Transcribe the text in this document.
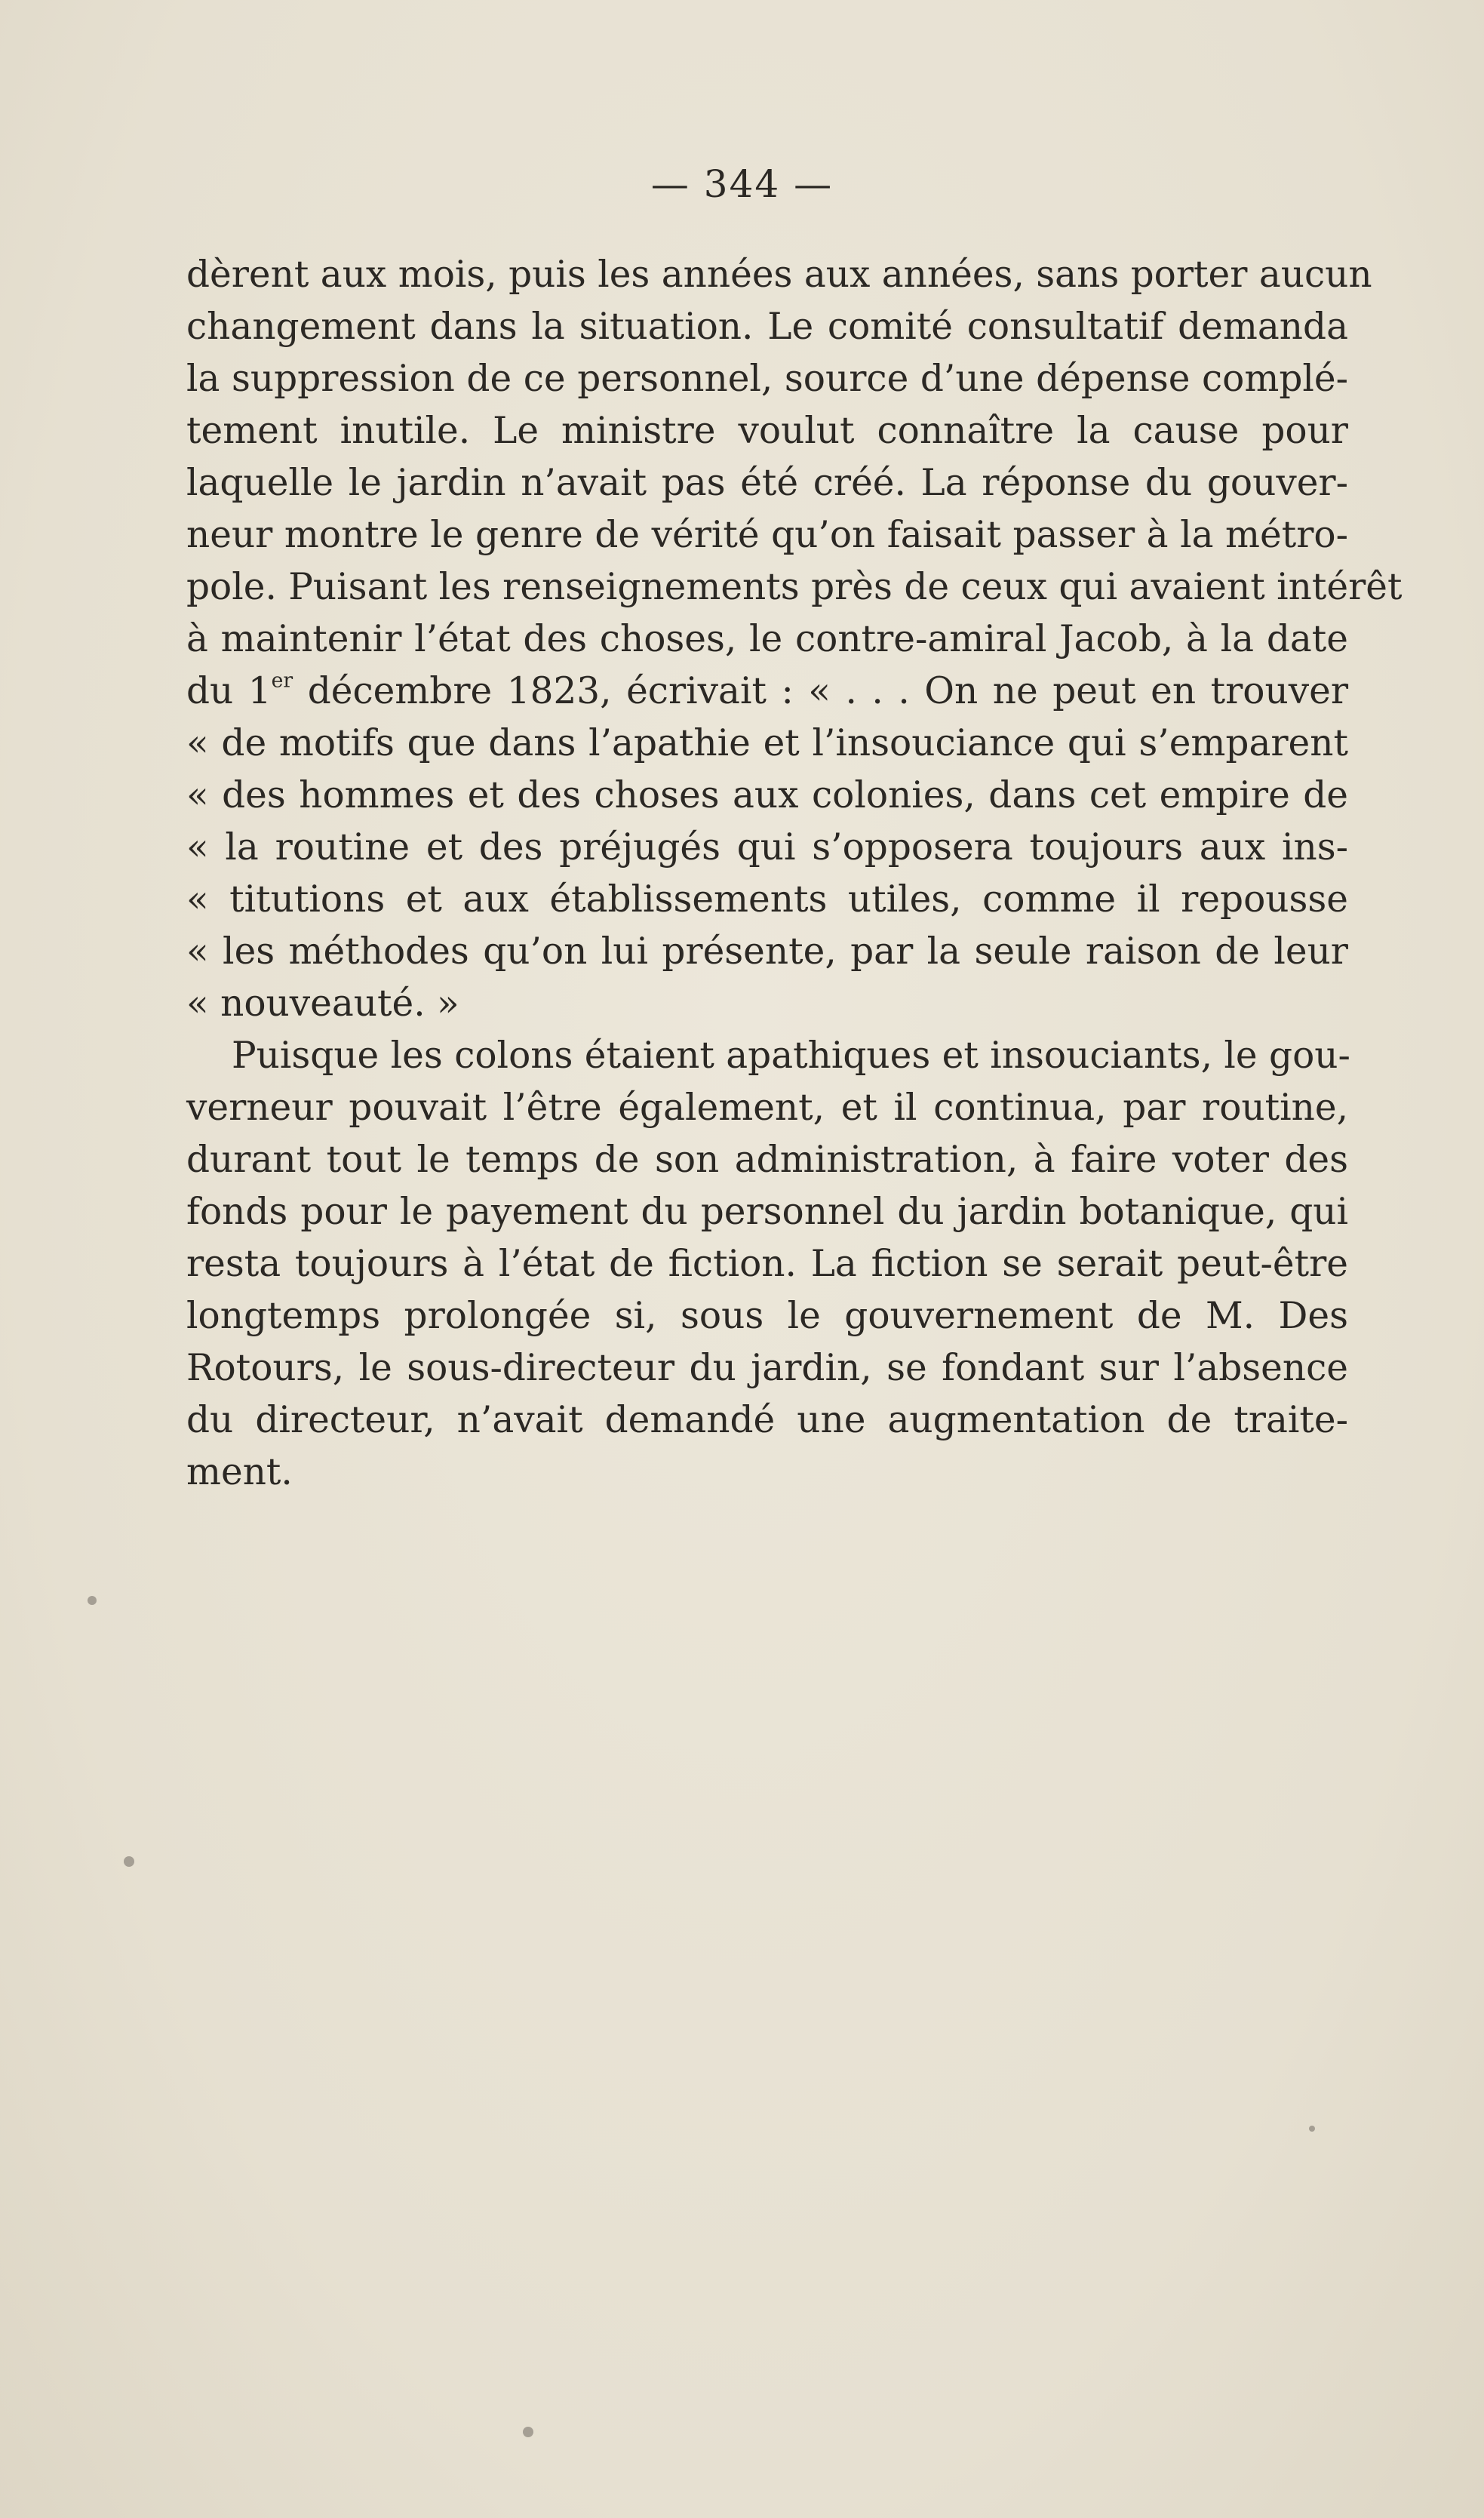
— 344 —
dèrent aux mois, puis les années aux années, sans porter aucun
changement dans la situation. Le comité consultatif demanda
la suppression de ce personnel, source d’une dépense complé-
tement inutile. Le ministre voulut connaître la cause pour
laquelle le jardin n’avait pas été créé. La réponse du gouver-
neur montre le genre de vérité qu’on faisait passer à la métro-
pole. Puisant les renseignements près de ceux qui avaient intérêt
à maintenir l’état des choses, le contre-amiral Jacob, à la date
du 1er décembre 1823, écrivait : « . . . On ne peut en trouver
« de motifs que dans l’apathie et l’insouciance qui s’emparent
« des hommes et des choses aux colonies, dans cet empire de
« la routine et des préjugés qui s’opposera toujours aux ins-
« titutions et aux établissements utiles, comme il repousse
« les méthodes qu’on lui présente, par la seule raison de leur
« nouveauté. »
Puisque les colons étaient apathiques et insouciants, le gou-
verneur pouvait l’être également, et il continua, par routine,
durant tout le temps de son administration, à faire voter des
fonds pour le payement du personnel du jardin botanique, qui
resta toujours à l’état de fiction. La fiction se serait peut-être
longtemps prolongée si, sous le gouvernement de M. Des
Rotours, le sous-directeur du jardin, se fondant sur l’absence
du directeur, n’avait demandé une augmentation de traite-
ment.
